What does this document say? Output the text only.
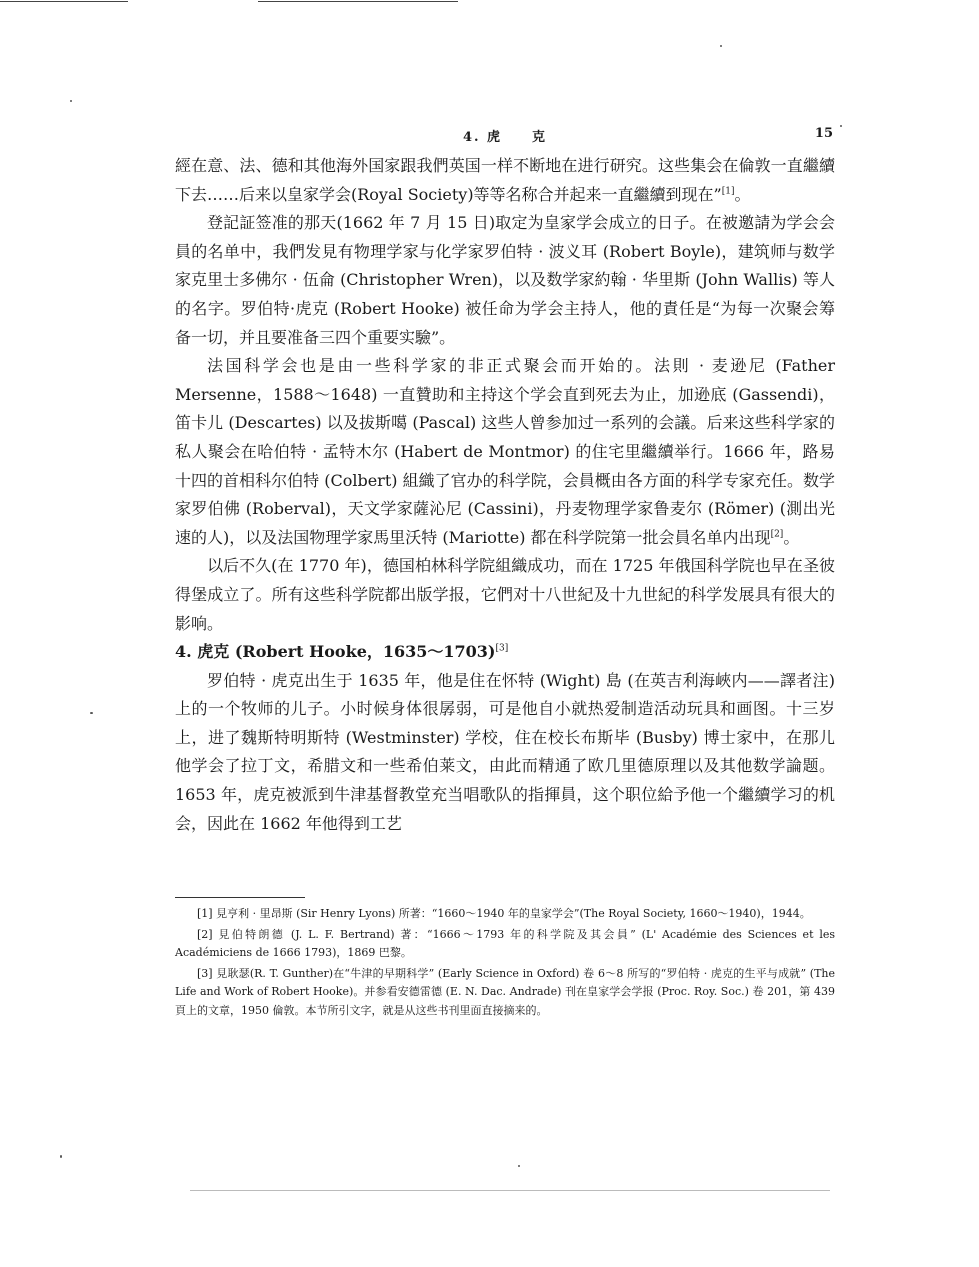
4. 虎　　克	15

經在意、法、德和其他海外国家跟我們英国一样不断地在进行研究。这些集会在倫敦一直繼續下去……后来以皇家学会(Royal Society)等等名称合并起来一直繼續到现在”[1]。

登記証签准的那天(1662 年 7 月 15 日)取定为皇家学会成立的日子。在被邀請为学会会員的名单中，我們发見有物理学家与化学家罗伯特 · 波义耳 (Robert Boyle)，建筑师与数学家克里士多佛尔 · 伍侖 (Christopher Wren)，以及数学家約翰 · 华里斯 (John Wallis) 等人的名字。罗伯特·虎克 (Robert Hooke) 被任命为学会主持人，他的責任是“为每一次聚会筹备一切，并且要准备三四个重要实驗”。

法国科学会也是由一些科学家的非正式聚会而开始的。法則 · 麦逊尼 (Father Mersenne，1588～1648) 一直贊助和主持这个学会直到死去为止，加逊底 (Gassendi)，笛卡儿 (Descartes) 以及拔斯噶 (Pascal) 这些人曾参加过一系列的会議。后来这些科学家的私人聚会在哈伯特 · 孟特木尔 (Habert de Montmor) 的住宅里繼續举行。1666 年，路易十四的首相科尔伯特 (Colbert) 組織了官办的科学院，会員概由各方面的科学专家充任。数学家罗伯佛 (Roberval)，天文学家薩沁尼 (Cassini)，丹麦物理学家鲁麦尔 (Römer) (測出光速的人)，以及法国物理学家馬里沃特 (Mariotte) 都在科学院第一批会員名单内出现[2]。

以后不久(在 1770 年)，德国柏林科学院組織成功，而在 1725 年俄国科学院也早在圣彼得堡成立了。所有这些科学院都出版学报，它們对十八世紀及十九世紀的科学发展具有很大的影响。

4. 虎克 (Robert Hooke，1635～1703)[3]

罗伯特 · 虎克出生于 1635 年，他是住在怀特 (Wight) 島 (在英吉利海峽内——譯者注) 上的一个牧师的儿子。小时候身体很孱弱，可是他自小就热爱制造活动玩具和画图。十三岁上，进了魏斯特明斯特 (Westminster) 学校，住在校长布斯毕 (Busby) 博士家中，在那儿他学会了拉丁文，希腊文和一些希伯莱文，由此而精通了欧几里德原理以及其他数学論题。1653 年，虎克被派到牛津基督教堂充当唱歌队的指揮員，这个职位給予他一个繼續学习的机会，因此在 1662 年他得到工艺

[1] 見亨利 · 里昂斯 (Sir Henry Lyons) 所著：“1660～1940 年的皇家学会”(The Royal Society, 1660～1940)，1944。

[2] 見伯特朗德 (J. L. F. Bertrand) 著：“1666～1793 年的科学院及其会員” (L' Académie des Sciences et les Académiciens de 1666 1793)，1869 巴黎。

[3] 見耿瑟(R. T. Gunther)在“牛津的早期科学” (Early Science in Oxford) 卷 6～8 所写的“罗伯特 · 虎克的生平与成就” (The Life and Work of Robert Hooke)。并参看安德雷德 (E. N. Dac. Andrade) 刊在皇家学会学报 (Proc. Roy. Soc.) 卷 201，第 439 頁上的文章，1950 倫敦。本节所引文字，就是从这些书刊里面直接摘来的。
